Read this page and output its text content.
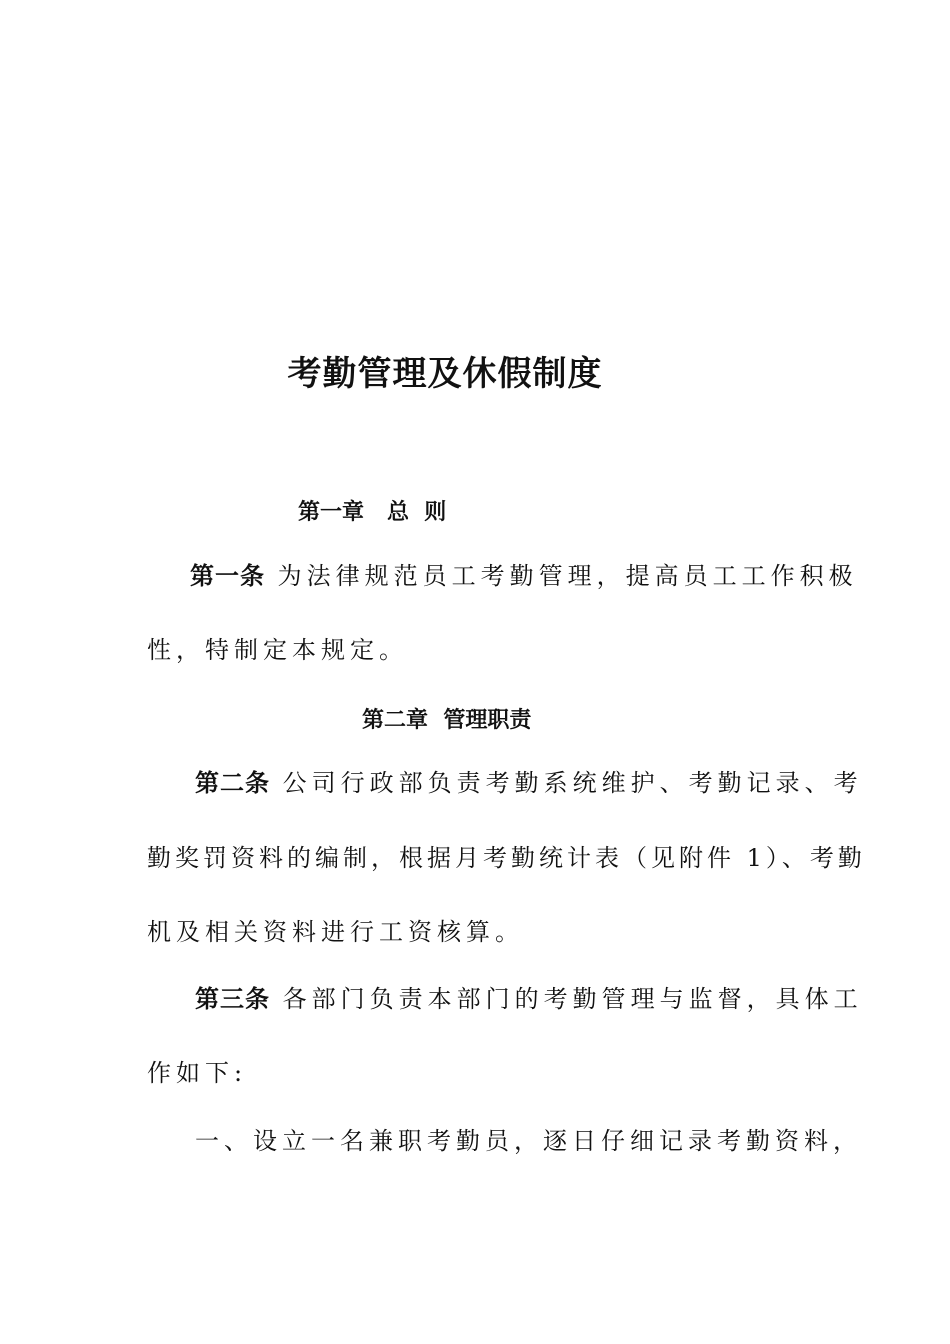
考勤管理及休假制度
第一章   总  则
第一条 为法律规范员工考勤管理，提高员工工作积极
性，特制定本规定。
第二章  管理职责
第二条 公司行政部负责考勤系统维护、考勤记录、考
勤奖罚资料的编制，根据月考勤统计表（见附件 1）、考勤
机及相关资料进行工资核算。
第三条 各部门负责本部门的考勤管理与监督，具体工
作如下:
一、设立一名兼职考勤员，逐日仔细记录考勤资料，
